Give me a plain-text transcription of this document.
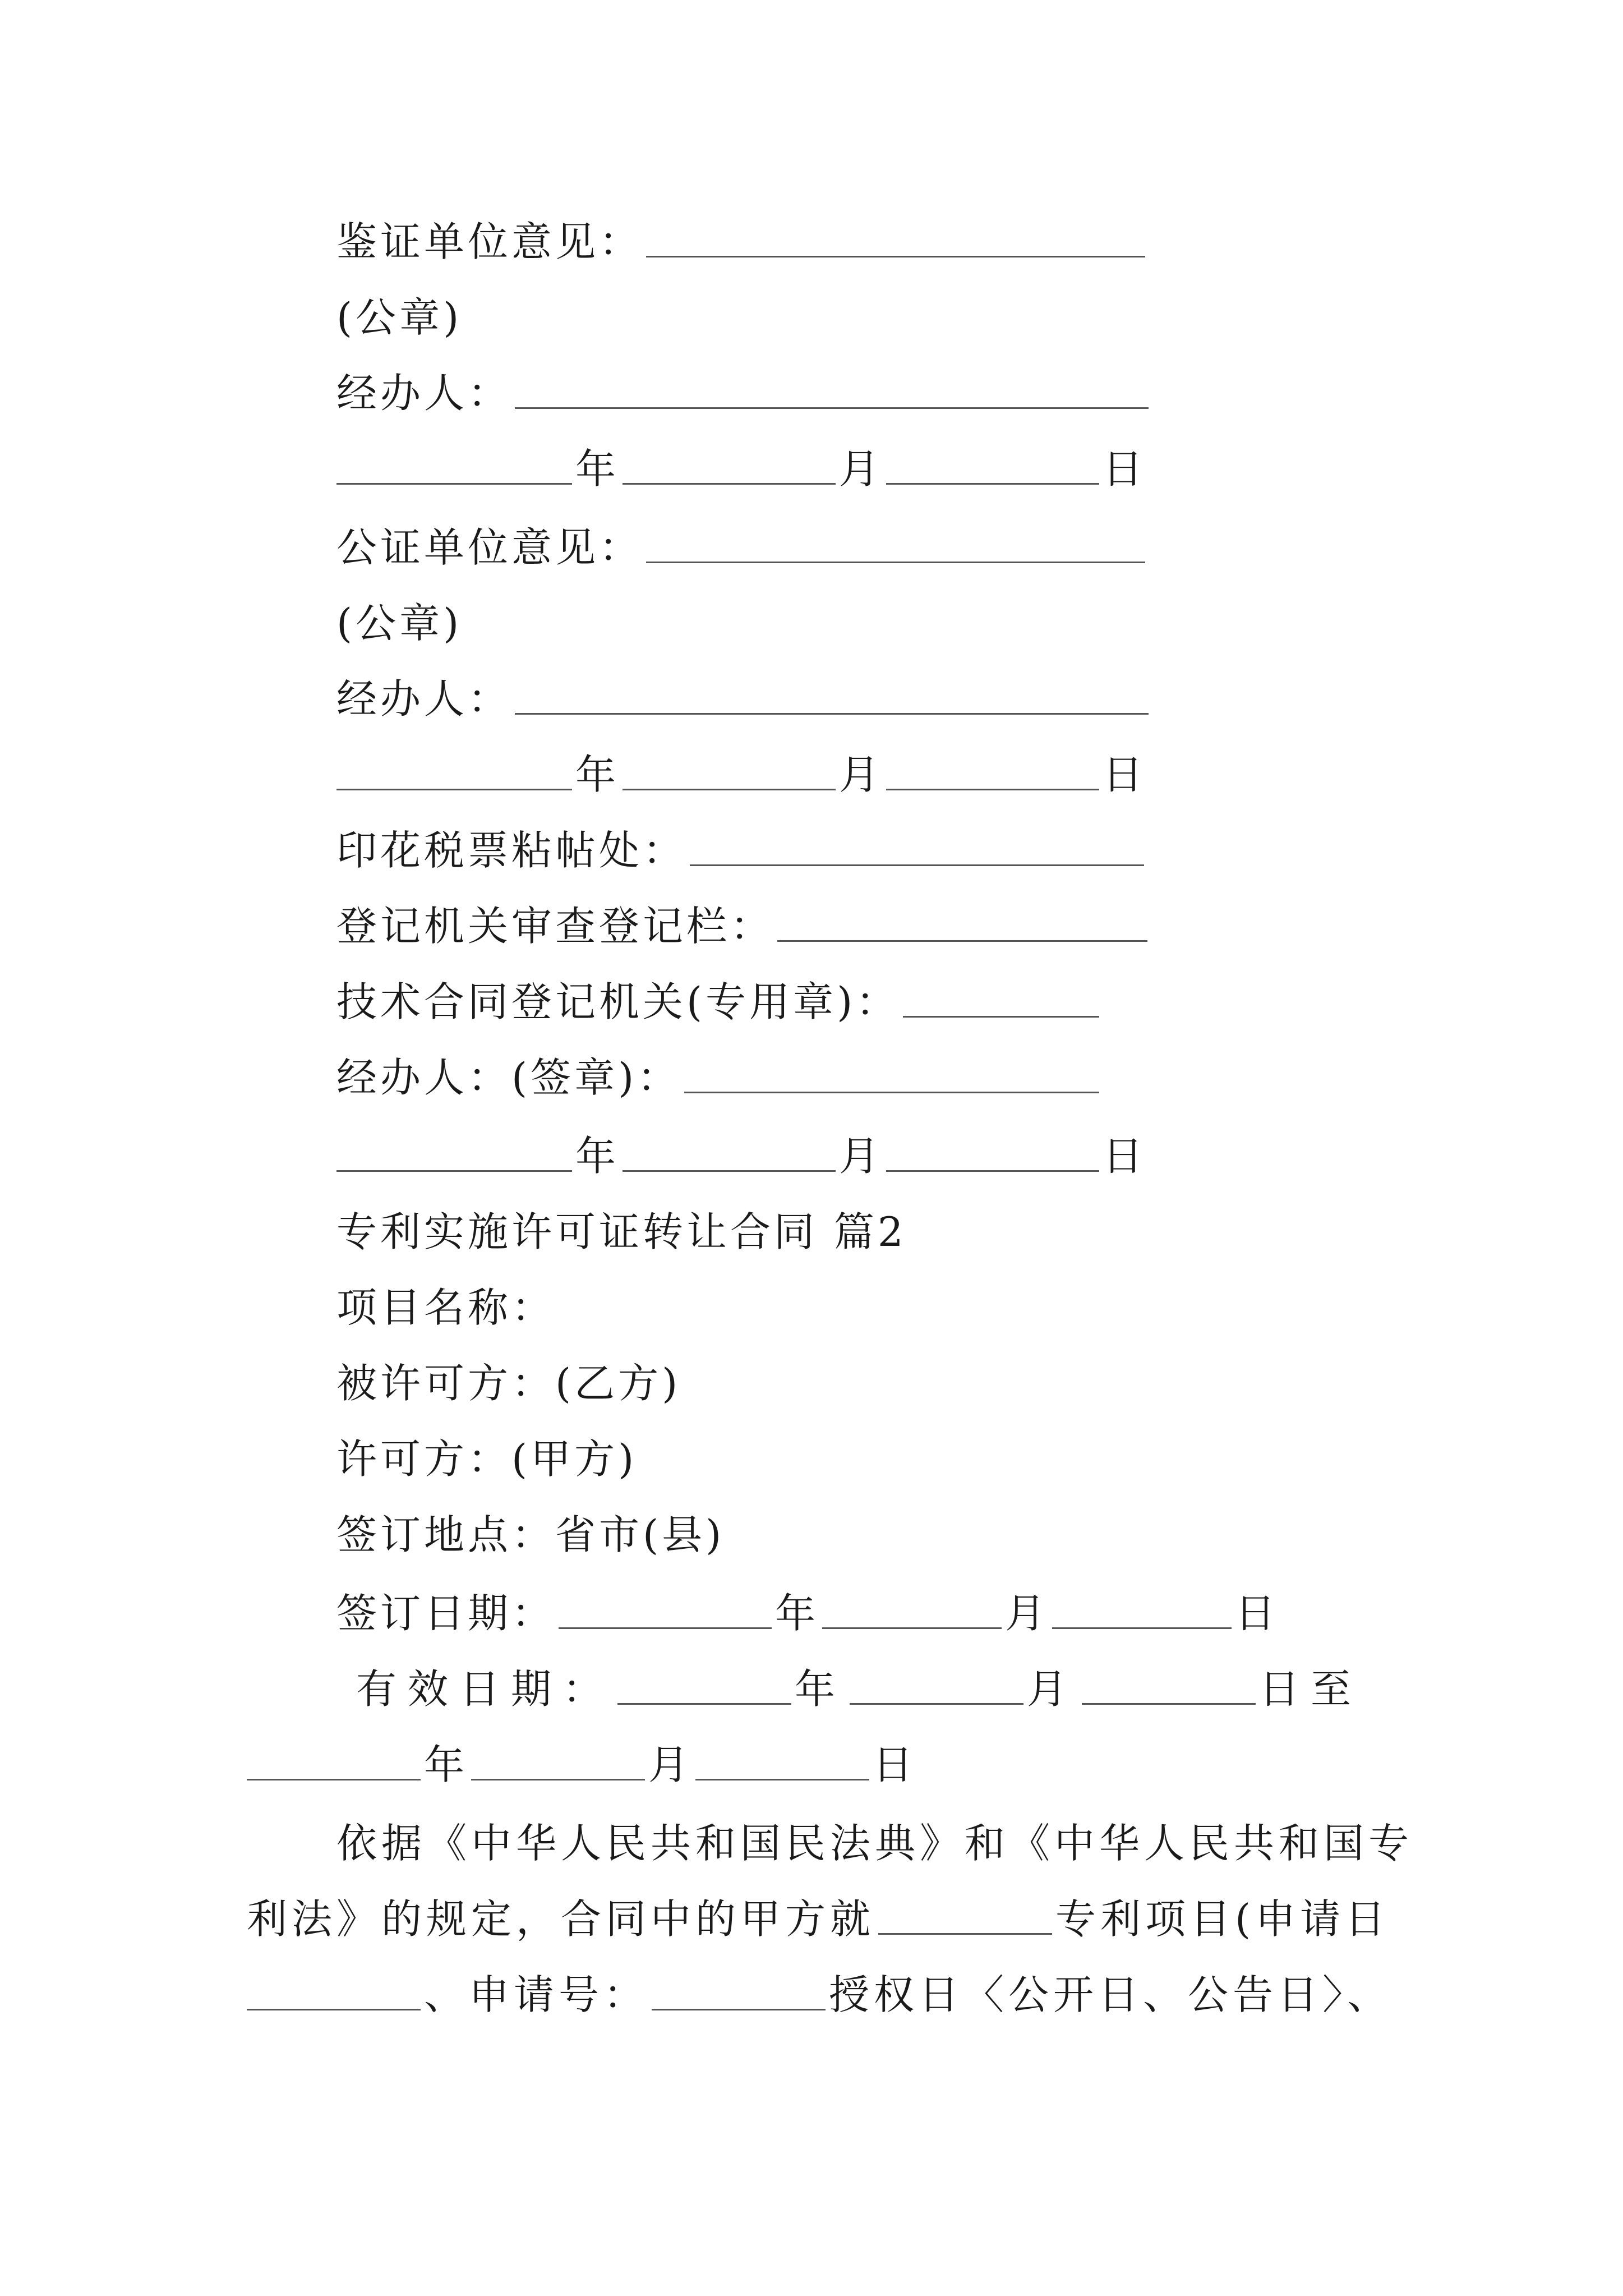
鉴证单位意见：
(公章)
经办人：
年	月	日
公证单位意见：
(公章)
经办人：
年	月	日
印花税票粘帖处：
登记机关审查登记栏：
技术合同登记机关(专用章)：
经办人：(签章)：
年	月	日
专利实施许可证转让合同 篇2
项目名称：
被许可方：(乙方)
许可方：(甲方)
签订地点：省市(县)
签订日期：	年	月	日
有效日期：	年	月	日至
年	月	日
依据《中华人民共和国民法典》和《中华人民共和国专
利法》的规定，合同中的甲方就	专利项目(申请日
、申请号：	授权日〈公开日、公告日〉、
